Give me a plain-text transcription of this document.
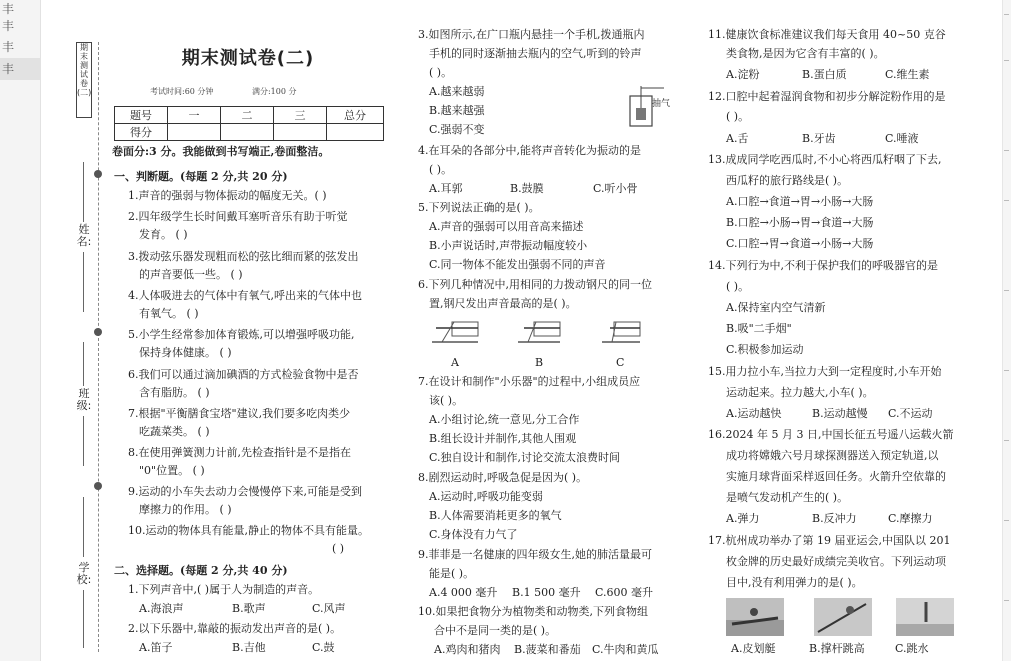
丰
丰
丰
丰
期末测试卷(二)
姓名:
班级:
学校:
期末测试卷(二)
考试时间:60 分钟	满分:100 分
题号	一	二	三	总分
得分				
卷面分:3 分。我能做到书写端正,卷面整洁。
一、判断题。(每题 2 分,共 20 分)
1.声音的强弱与物体振动的幅度无关。( )
2.四年级学生长时间戴耳塞听音乐有助于听觉
发育。 ( )
3.拨动弦乐器发现粗而松的弦比细而紧的弦发出
的声音要低一些。 ( )
4.人体吸进去的气体中有氧气,呼出来的气体中也
有氧气。 ( )
5.小学生经常参加体育锻炼,可以增强呼吸功能,
保持身体健康。 ( )
6.我们可以通过滴加碘酒的方式检验食物中是否
含有脂肪。 ( )
7.根据"平衡膳食宝塔"建议,我们要多吃肉类少
吃蔬菜类。 ( )
8.在使用弹簧测力计前,先检查指针是不是指在
"0"位置。 ( )
9.运动的小车失去动力会慢慢停下来,可能是受到
摩擦力的作用。 ( )
10.运动的物体具有能量,静止的物体不具有能量。
( )
二、选择题。(每题 2 分,共 40 分)
1.下列声音中,( )属于人为制造的声音。
A.海浪声	B.歌声	C.风声
2.以下乐器中,靠敲的振动发出声音的是( )。
A.笛子	B.吉他	C.鼓
3.如图所示,在广口瓶内悬挂一个手机,拨通瓶内
手机的同时逐渐抽去瓶内的空气,听到的铃声
( )。
A.越来越弱
B.越来越强
C.强弱不变
抽气
4.在耳朵的各部分中,能将声音转化为振动的是
( )。
A.耳郭	B.鼓膜	C.听小骨
5.下列说法正确的是( )。
A.声音的强弱可以用音高来描述
B.小声说话时,声带振动幅度较小
C.同一物体不能发出强弱不同的声音
6.下列几种情况中,用相同的力拨动钢尺的同一位
置,钢尺发出声音最高的是( )。
A	B	C
7.在设计和制作"小乐器"的过程中,小组成员应
该( )。
A.小组讨论,统一意见,分工合作
B.组长设计并制作,其他人围观
C.独自设计和制作,讨论交流太浪费时间
8.剧烈运动时,呼吸急促是因为( )。
A.运动时,呼吸功能变弱
B.人体需要消耗更多的氧气
C.身体没有力气了
9.菲菲是一名健康的四年级女生,她的肺活量最可
能是( )。
A.4 000 毫升 B.1 500 毫升 C.600 毫升
10.如果把食物分为植物类和动物类,下列食物组
合中不是同一类的是( )。
A.鸡肉和猪肉 B.菠菜和番茄 C.牛肉和黄瓜
11.健康饮食标准建议我们每天食用 40~50 克谷
类食物,是因为它含有丰富的( )。
A.淀粉	B.蛋白质	C.维生素
12.口腔中起着湿润食物和初步分解淀粉作用的是
( )。
A.舌	B.牙齿	C.唾液
13.成成同学吃西瓜时,不小心将西瓜籽咽了下去,
西瓜籽的旅行路线是( )。
A.口腔→食道→胃→小肠→大肠
B.口腔→小肠→胃→食道→大肠
C.口腔→胃→食道→小肠→大肠
14.下列行为中,不利于保护我们的呼吸器官的是
( )。
A.保持室内空气清新
B.吸"二手烟"
C.积极参加运动
15.用力拉小车,当拉力大到一定程度时,小车开始
运动起来。拉力越大,小车( )。
A.运动越快	B.运动越慢 C.不运动
16.2024 年 5 月 3 日,中国长征五号遥八运载火箭
成功将嫦娥六号月球探测器送入预定轨道,以
实施月球背面采样返回任务。火箭升空依靠的
是喷气发动机产生的( )。
A.弹力	B.反冲力	C.摩擦力
17.杭州成功举办了第 19 届亚运会,中国队以 201
枚金牌的历史最好成绩完美收官。下列运动项
目中,没有利用弹力的是( )。
A.皮划艇	B.撑杆跳高	C.跳水
